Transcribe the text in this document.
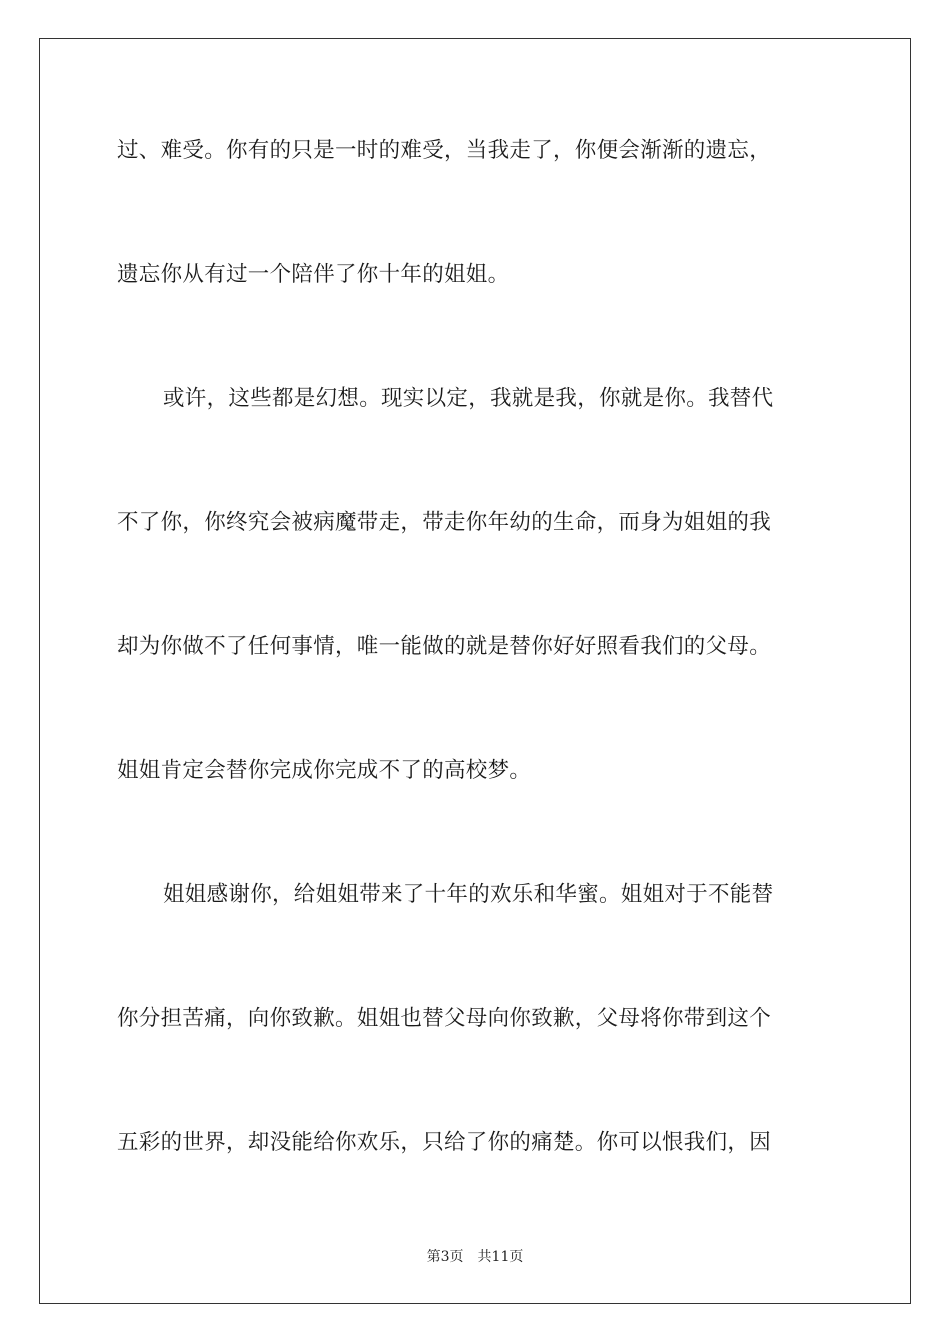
过、难受。你有的只是一时的难受，当我走了，你便会渐渐的遗忘，
遗忘你从有过一个陪伴了你十年的姐姐。
或许，这些都是幻想。现实以定，我就是我，你就是你。我替代
不了你，你终究会被病魔带走，带走你年幼的生命，而身为姐姐的我
却为你做不了任何事情，唯一能做的就是替你好好照看我们的父母。
姐姐肯定会替你完成你完成不了的高校梦。
姐姐感谢你，给姐姐带来了十年的欢乐和华蜜。姐姐对于不能替
你分担苦痛，向你致歉。姐姐也替父母向你致歉，父母将你带到这个
五彩的世界，却没能给你欢乐，只给了你的痛楚。你可以恨我们，因
第3页 共11页
